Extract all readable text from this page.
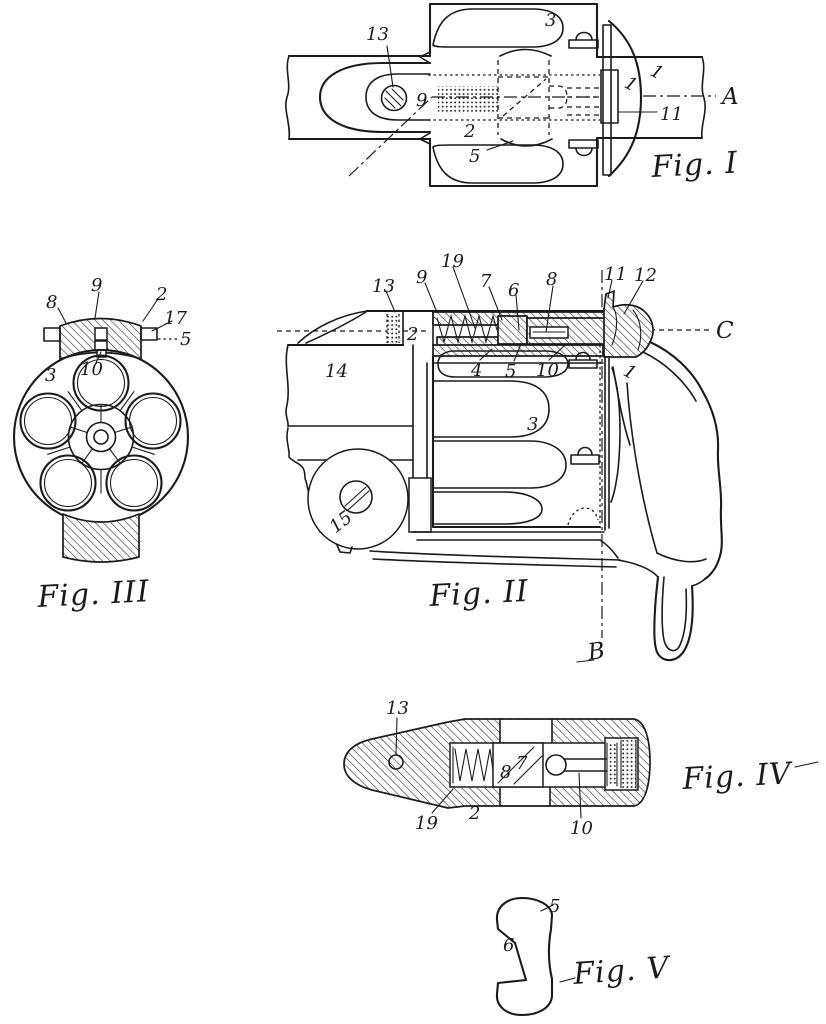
13
3
9
2
5
1
1
11
A
Fig. I
8
9	2
17
5
3 10
Fig. III
13 9
19
7 6
8	11 12
C
2
14	4 5 10
3
1
15
B
Fig. II
13
19 2
8 7
10
Fig. IV
5
6
Fig. V
